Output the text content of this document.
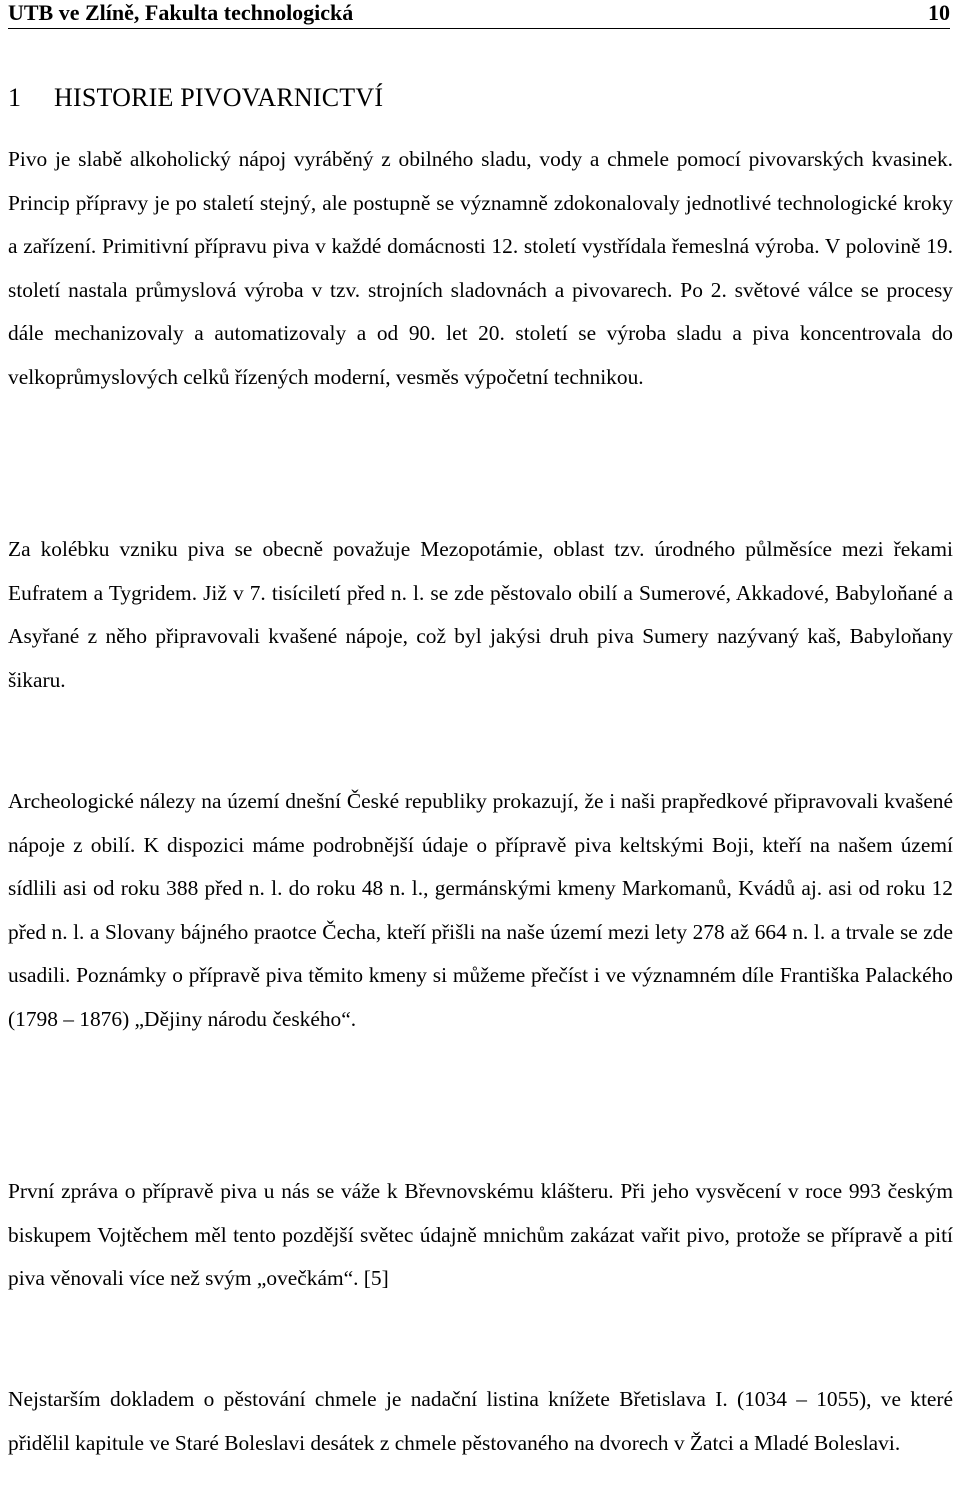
UTB ve Zlíně, Fakulta technologická	10
1 HISTORIE PIVOVARNICTVÍ

Pivo je slabě alkoholický nápoj vyráběný z obilného sladu, vody a chmele pomocí pivovarských kvasinek. Princip přípravy je po staletí stejný, ale postupně se významně zdokonalovaly jednotlivé technologické kroky a zařízení. Primitivní přípravu piva v každé domácnosti 12. století vystřídala řemeslná výroba. V polovině 19. století nastala průmyslová výroba v tzv. strojních sladovnách a pivovarech. Po 2. světové válce se procesy dále mechanizovaly a automatizovaly a od 90. let 20. století se výroba sladu a piva koncentrovala do velkoprůmyslových celků řízených moderní, vesměs výpočetní technikou.

Za kolébku vzniku piva se obecně považuje Mezopotámie, oblast tzv. úrodného půlměsíce mezi řekami Eufratem a Tygridem. Již v 7. tisíciletí před n. l. se zde pěstovalo obilí a Sumerové, Akkadové, Babyloňané a Asyřané z něho připravovali kvašené nápoje, což byl jakýsi druh piva Sumery nazývaný kaš, Babyloňany šikaru.

Archeologické nálezy na území dnešní České republiky prokazují, že i naši prapředkové připravovali kvašené nápoje z obilí. K dispozici máme podrobnější údaje o přípravě piva keltskými Boji, kteří na našem území sídlili asi od roku 388 před n. l. do roku 48 n. l., germánskými kmeny Markomanů, Kvádů aj. asi od roku 12 před n. l. a Slovany bájného praotce Čecha, kteří přišli na naše území mezi lety 278 až 664 n. l. a trvale se zde usadili. Poznámky o přípravě piva těmito kmeny si můžeme přečíst i ve významném díle Františka Palackého (1798 – 1876) „Dějiny národu českého“.

První zpráva o přípravě piva u nás se váže k Břevnovskému klášteru. Při jeho vysvěcení v roce 993 českým biskupem Vojtěchem měl tento pozdější světec údajně mnichům zakázat vařit pivo, protože se přípravě a pití piva věnovali více než svým „ovečkám“. [5]

Nejstarším dokladem o pěstování chmele je nadační listina knížete Břetislava I. (1034 – 1055), ve které přidělil kapitule ve Staré Boleslavi desátek z chmele pěstovaného na dvorech v Žatci a Mladé Boleslavi.
